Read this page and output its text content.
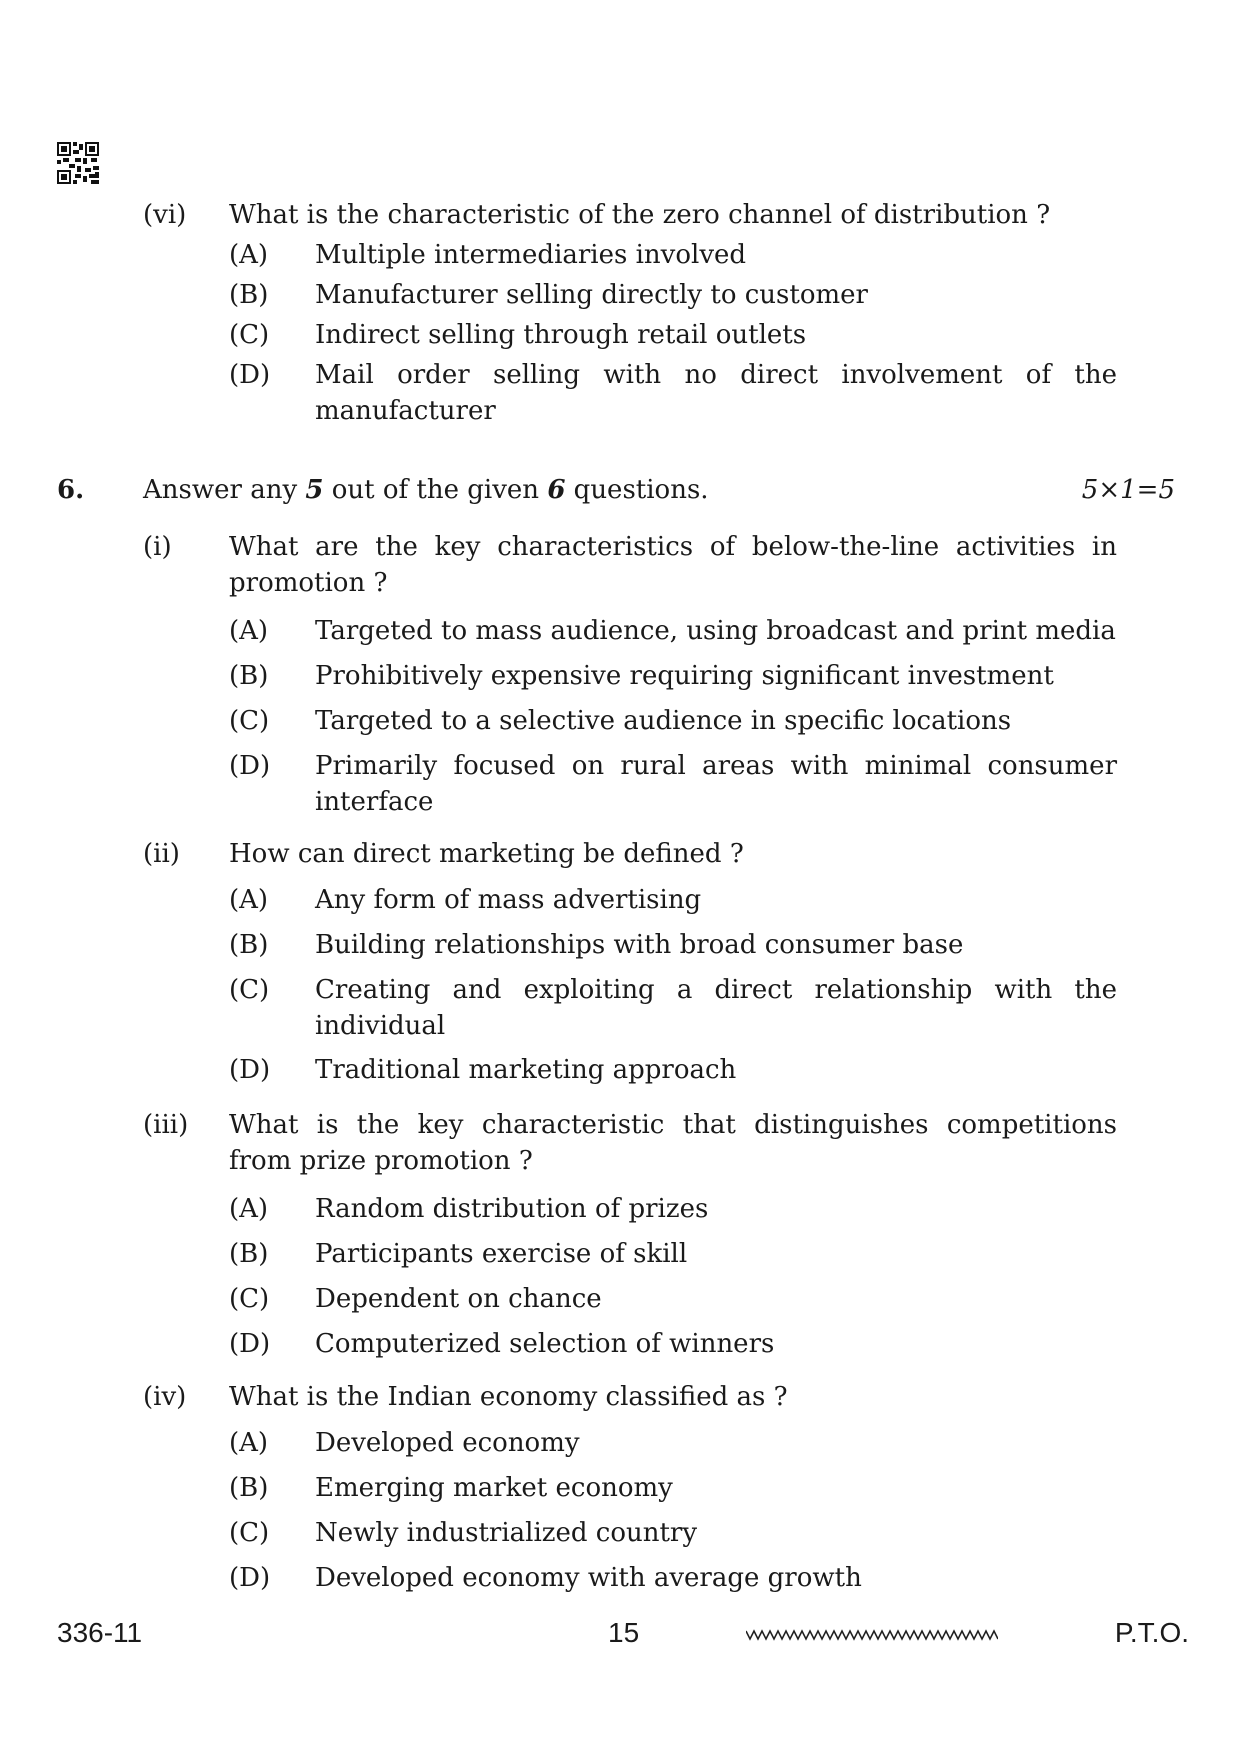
(vi) What is the characteristic of the zero channel of distribution ?
(A) Multiple intermediaries involved
(B) Manufacturer selling directly to customer
(C) Indirect selling through retail outlets
(D) Mail order selling with no direct involvement of the manufacturer
6. Answer any 5 out of the given 6 questions.	5×1=5
(i) What are the key characteristics of below-the-line activities in promotion ?
(A) Targeted to mass audience, using broadcast and print media
(B) Prohibitively expensive requiring significant investment
(C) Targeted to a selective audience in specific locations
(D) Primarily focused on rural areas with minimal consumer interface
(ii) How can direct marketing be defined ?
(A) Any form of mass advertising
(B) Building relationships with broad consumer base
(C) Creating and exploiting a direct relationship with the individual
(D) Traditional marketing approach
(iii) What is the key characteristic that distinguishes competitions from prize promotion ?
(A) Random distribution of prizes
(B) Participants exercise of skill
(C) Dependent on chance
(D) Computerized selection of winners
(iv) What is the Indian economy classified as ?
(A) Developed economy
(B) Emerging market economy
(C) Newly industrialized country
(D) Developed economy with average growth
336-11	15	P.T.O.
